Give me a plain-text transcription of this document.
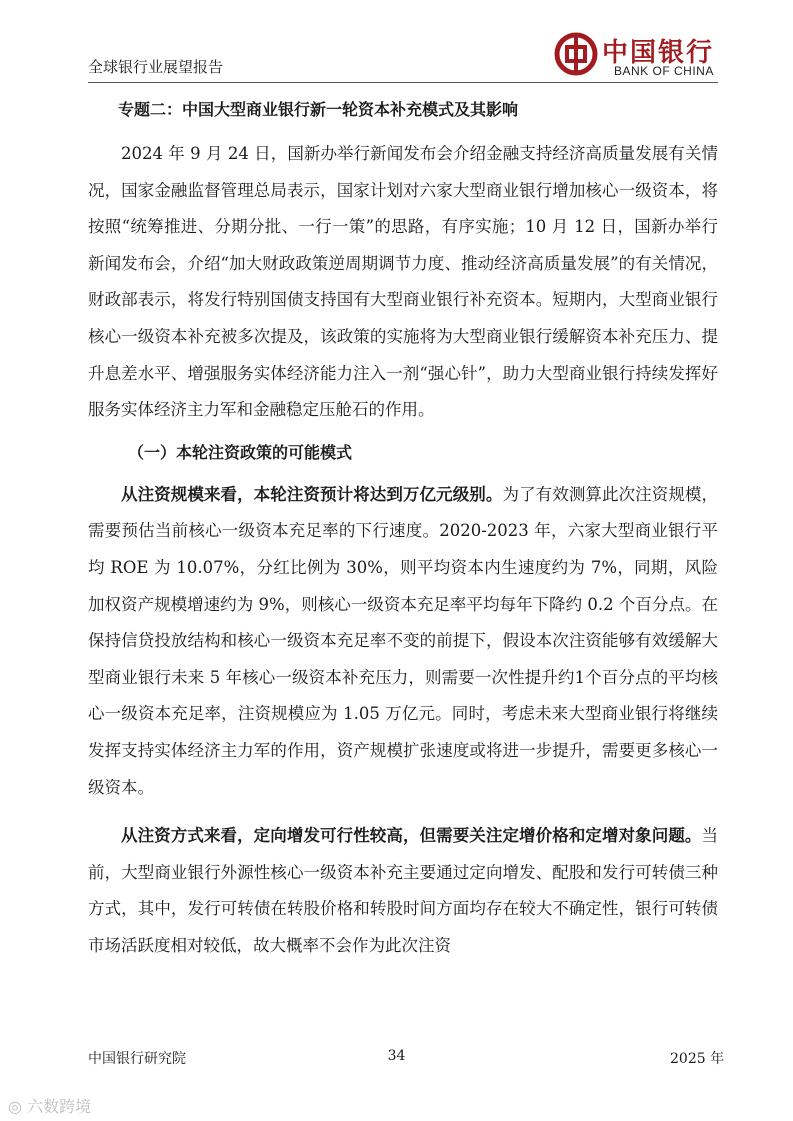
全球银行业展望报告	中国银行
BANK OF CHINA
专题二：中国大型商业银行新一轮资本补充模式及其影响

2024 年 9 月 24 日，国新办举行新闻发布会介绍金融支持经济高质量发展有关情况，国家金融监督管理总局表示，国家计划对六家大型商业银行增加核心一级资本，将按照“统筹推进、分期分批、一行一策”的思路，有序实施；10 月 12 日，国新办举行新闻发布会，介绍“加大财政政策逆周期调节力度、推动经济高质量发展”的有关情况，财政部表示，将发行特别国债支持国有大型商业银行补充资本。短期内，大型商业银行核心一级资本补充被多次提及，该政策的实施将为大型商业银行缓解资本补充压力、提升息差水平、增强服务实体经济能力注入一剂“强心针”，助力大型商业银行持续发挥好服务实体经济主力军和金融稳定压舱石的作用。

（一）本轮注资政策的可能模式

从注资规模来看，本轮注资预计将达到万亿元级别。为了有效测算此次注资规模，需要预估当前核心一级资本充足率的下行速度。2020-2023 年，六家大型商业银行平均 ROE 为 10.07%，分红比例为 30%，则平均资本内生速度约为 7%，同期，风险加权资产规模增速约为 9%，则核心一级资本充足率平均每年下降约 0.2 个百分点。在保持信贷投放结构和核心一级资本充足率不变的前提下，假设本次注资能够有效缓解大型商业银行未来 5 年核心一级资本补充压力，则需要一次性提升约1个百分点的平均核心一级资本充足率，注资规模应为 1.05 万亿元。同时，考虑未来大型商业银行将继续发挥支持实体经济主力军的作用，资产规模扩张速度或将进一步提升，需要更多核心一级资本。

从注资方式来看，定向增发可行性较高，但需要关注定增价格和定增对象问题。当前，大型商业银行外源性核心一级资本补充主要通过定向增发、配股和发行可转债三种方式，其中，发行可转债在转股价格和转股时间方面均存在较大不确定性，银行可转债市场活跃度相对较低，故大概率不会作为此次注资

中国银行研究院	34	2025 年
◎ 六数跨境
